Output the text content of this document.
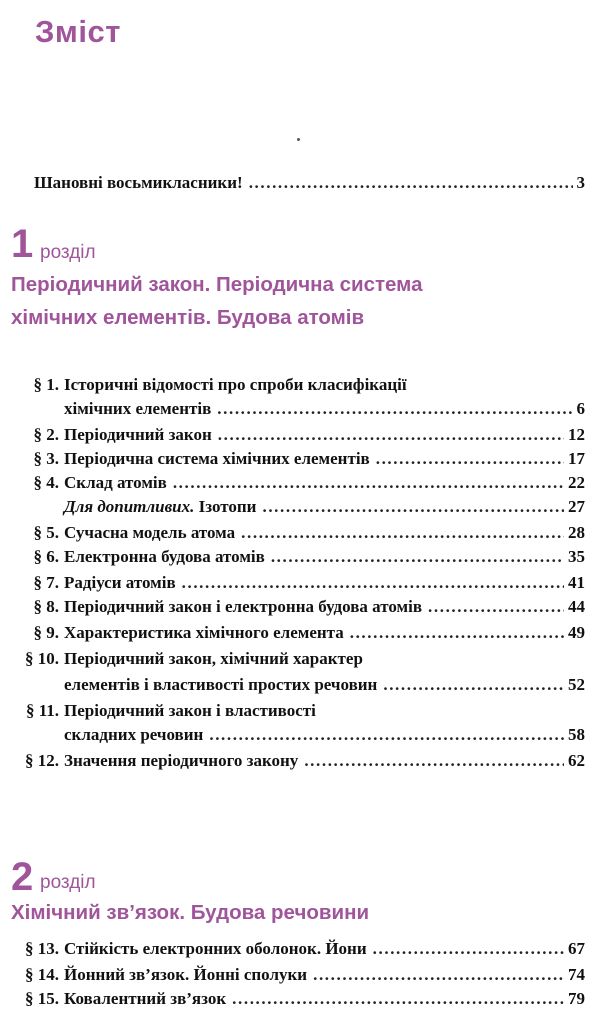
Зміст
Шановні восьмикласники! .....	3
1 розділ
Періодичний закон. Періодична система
хімічних елементів. Будова атомів
§ 1. Історичні відомості про спроби класифікації
хімічних елементів .....	6
§ 2. Періодичний закон .....	12
§ 3. Періодична система хімічних елементів .....	17
§ 4. Склад атомів .....	22
Для допитливих. Ізотопи .....	27
§ 5. Сучасна модель атома .....	28
§ 6. Електронна будова атомів .....	35
§ 7. Радіуси атомів .....	41
§ 8. Періодичний закон і електронна будова атомів .....	44
§ 9. Характеристика хімічного елемента .....	49
§ 10. Періодичний закон, хімічний характер
елементів і властивості простих речовин .....	52
§ 11. Періодичний закон і властивості
складних речовин .....	58
§ 12. Значення періодичного закону .....	62
2 розділ
Хімічний зв’язок. Будова речовини
§ 13. Стійкість електронних оболонок. Йони .....	67
§ 14. Йонний зв’язок. Йонні сполуки .....	74
§ 15. Ковалентний зв’язок .....	79
